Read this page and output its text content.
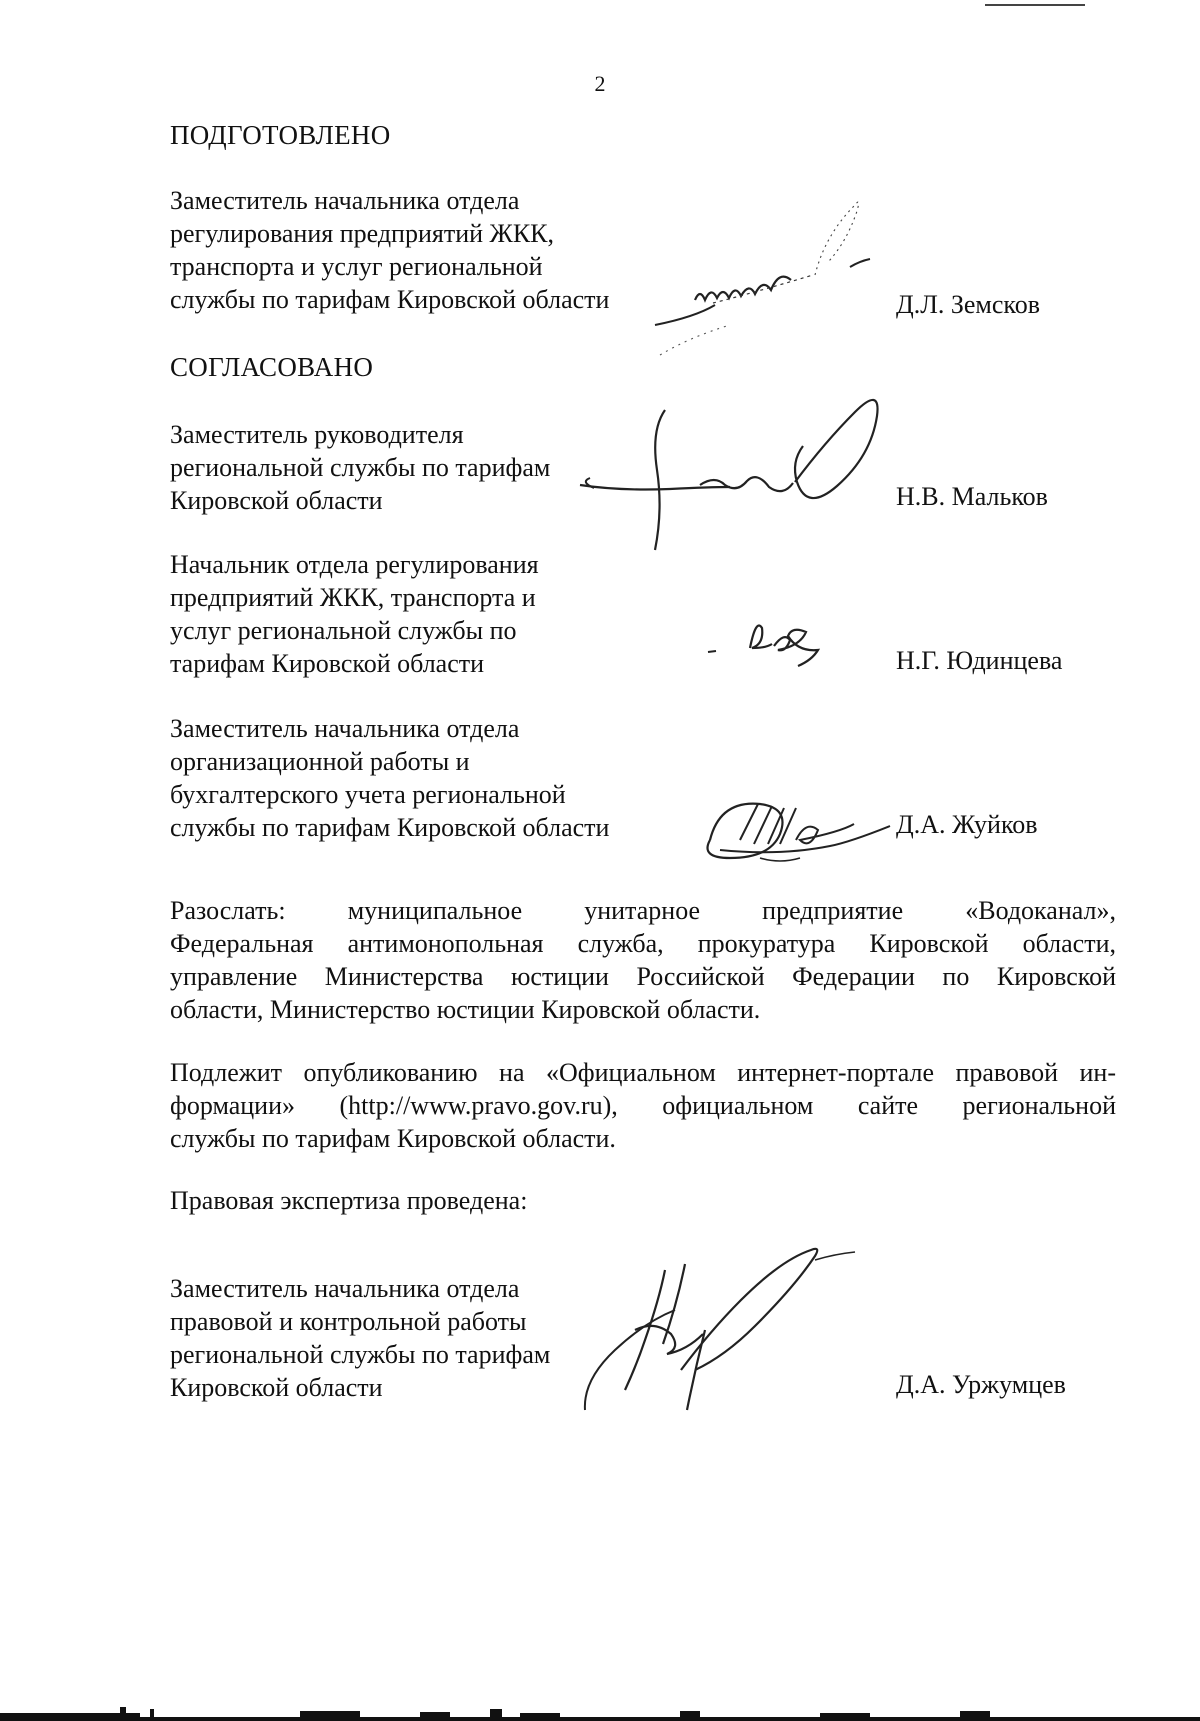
2
ПОДГОТОВЛЕНО
Заместитель начальника отдела
регулирования предприятий ЖКК,
транспорта и услуг региональной
службы по тарифам Кировской области	Д.Л. Земсков
СОГЛАСОВАНО
Заместитель руководителя
региональной службы по тарифам
Кировской области	Н.В. Мальков
Начальник отдела регулирования
предприятий ЖКК, транспорта и
услуг региональной службы по
тарифам Кировской области	Н.Г. Юдинцева
Заместитель начальника отдела
организационной работы и
бухгалтерского учета региональной
службы по тарифам Кировской области	Д.А. Жуйков
Разослать: муниципальное унитарное предприятие «Водоканал»,
Федеральная антимонопольная служба, прокуратура Кировской области,
управление Министерства юстиции Российской Федерации по Кировской
области, Министерство юстиции Кировской области.
Подлежит опубликованию на «Официальном интернет-портале правовой ин-
формации» (http://www.pravo.gov.ru), официальном сайте региональной
службы по тарифам Кировской области.
Правовая экспертиза проведена:
Заместитель начальника отдела
правовой и контрольной работы
региональной службы по тарифам
Кировской области	Д.А. Уржумцев
